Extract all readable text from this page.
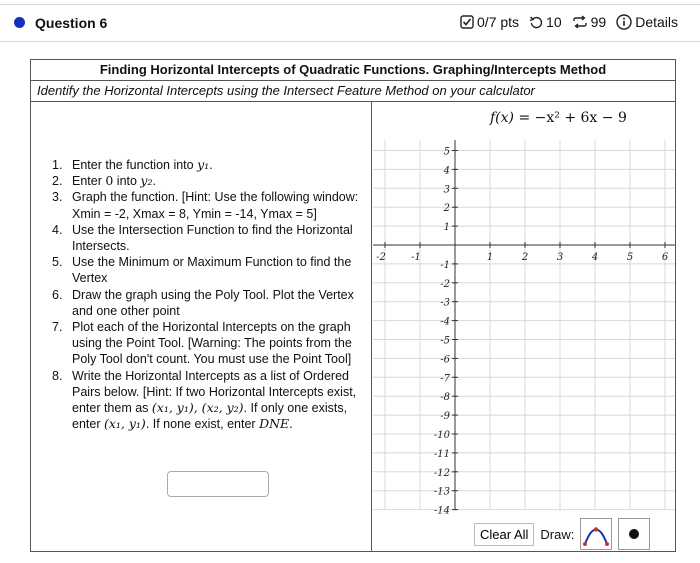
Question 6	0/7 pts 10 99 Details
Finding Horizontal Intercepts of Quadratic Functions. Graphing/Intercepts Method
Identify the Horizontal Intercepts using the Intersect Feature Method on your calculator
1. Enter the function into y₁.
2. Enter 0 into y₂.
3. Graph the function. [Hint: Use the following window: Xmin = -2, Xmax = 8, Ymin = -14, Ymax = 5]
4. Use the Intersection Function to find the Horizontal Intersects.
5. Use the Minimum or Maximum Function to find the Vertex
6. Draw the graph using the Poly Tool. Plot the Vertex and one other point
7. Plot each of the Horizontal Intercepts on the graph using the Point Tool. [Warning: The points from the Poly Tool don't count. You must use the Point Tool]
8. Write the Horizontal Intercepts as a list of Ordered Pairs below. [Hint: If two Horizontal Intercepts exist, enter them as (x₁, y₁), (x₂, y₂). If only one exists, enter (x₁, y₁). If none exist, enter DNE.
f(x) = −x² + 6x − 9
-2	-1	1	2	3	4	5	6
5
4
3
2
1
-1
-2
-3
-4
-5
-6
-7
-8
-9
-10
-11
-12
-13
-14
Clear All Draw:
